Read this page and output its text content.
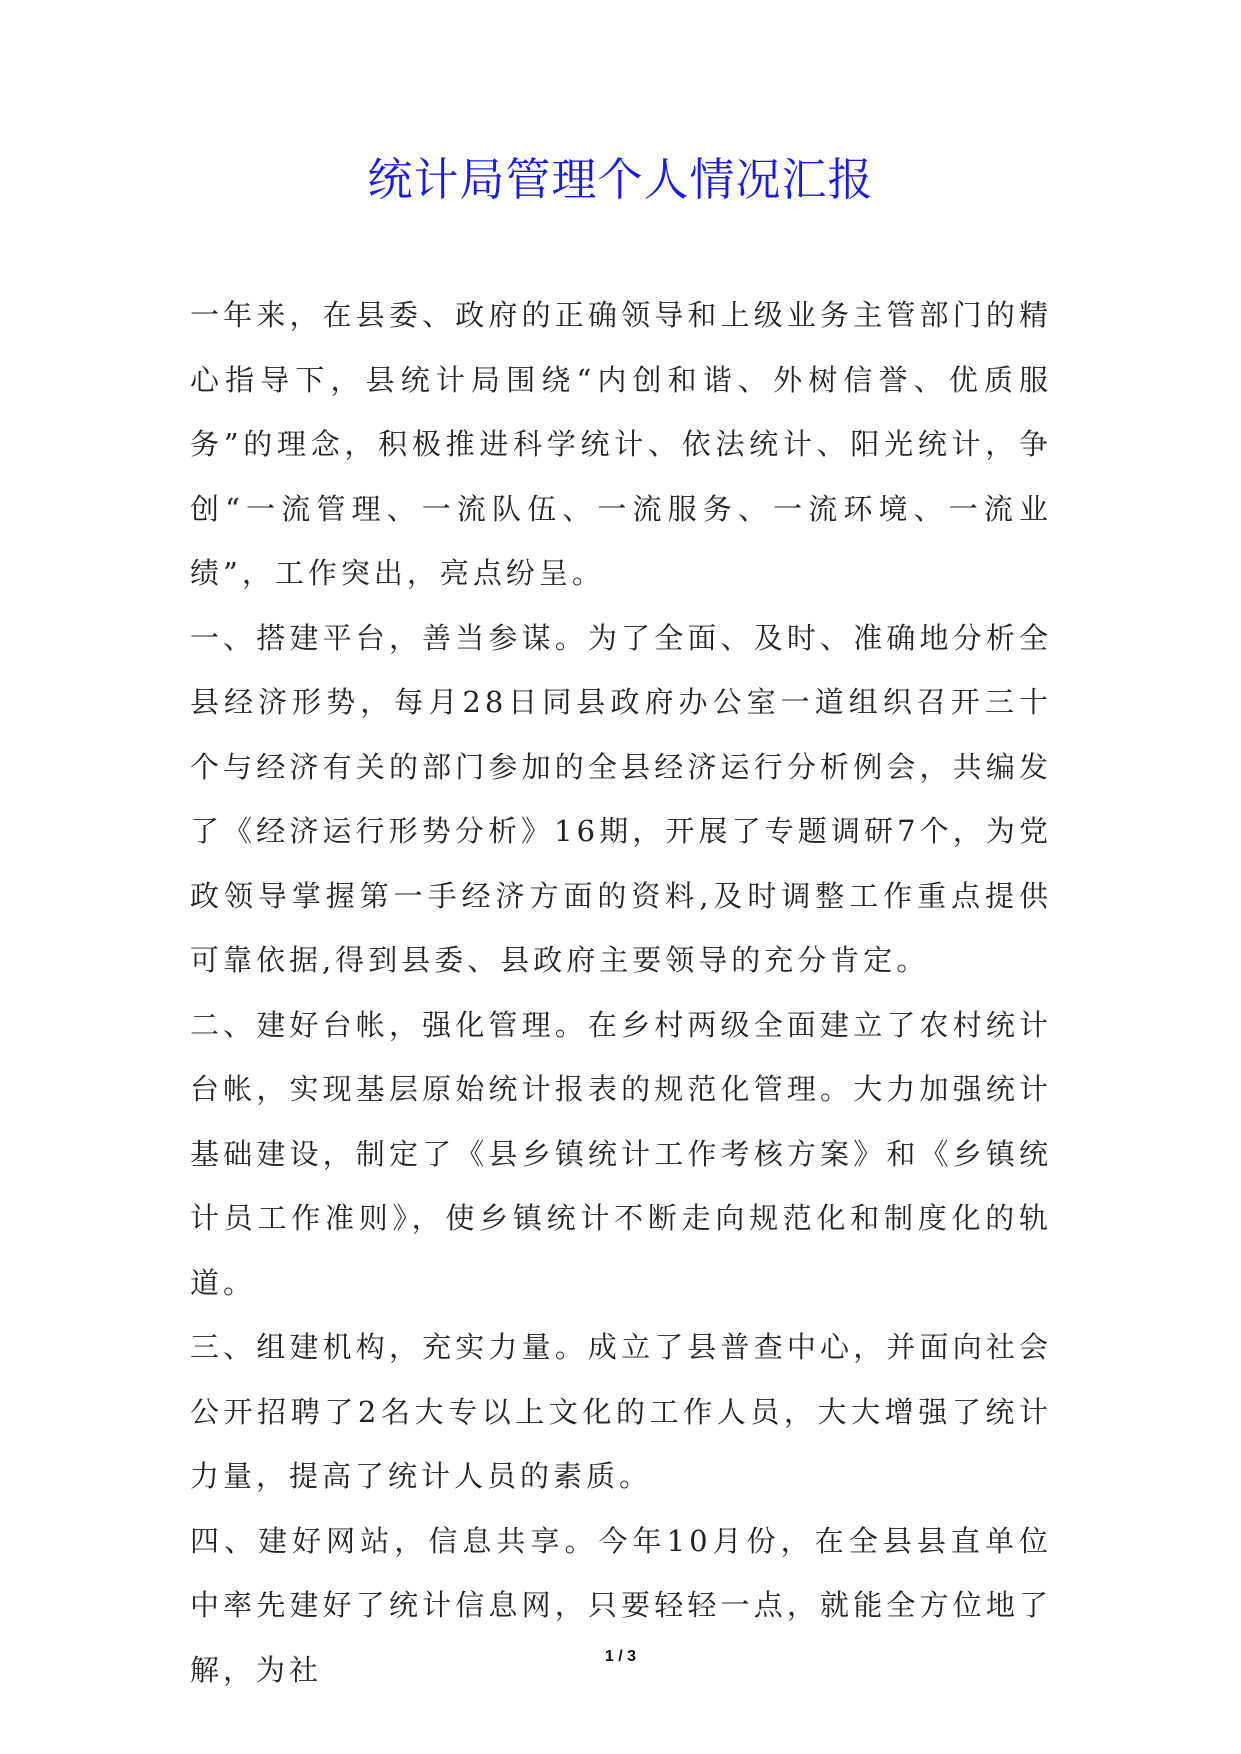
统计局管理个人情况汇报

一年来，在县委、政府的正确领导和上级业务主管部门的精心指导下，县统计局围绕“内创和谐、外树信誉、优质服务”的理念，积极推进科学统计、依法统计、阳光统计，争创“一流管理、一流队伍、一流服务、一流环境、一流业绩”，工作突出，亮点纷呈。

一、搭建平台，善当参谋。为了全面、及时、准确地分析全县经济形势，每月28日同县政府办公室一道组织召开三十个与经济有关的部门参加的全县经济运行分析例会，共编发了《经济运行形势分析》16期，开展了专题调研7个，为党政领导掌握第一手经济方面的资料,及时调整工作重点提供可靠依据,得到县委、县政府主要领导的充分肯定。

二、建好台帐，强化管理。在乡村两级全面建立了农村统计台帐，实现基层原始统计报表的规范化管理。大力加强统计基础建设，制定了《县乡镇统计工作考核方案》和《乡镇统计员工作准则》，使乡镇统计不断走向规范化和制度化的轨道。

三、组建机构，充实力量。成立了县普查中心，并面向社会公开招聘了2名大专以上文化的工作人员，大大增强了统计力量，提高了统计人员的素质。

四、建好网站，信息共享。今年10月份，在全县县直单位中率先建好了统计信息网，只要轻轻一点，就能全方位地了解，为社	1 / 3
